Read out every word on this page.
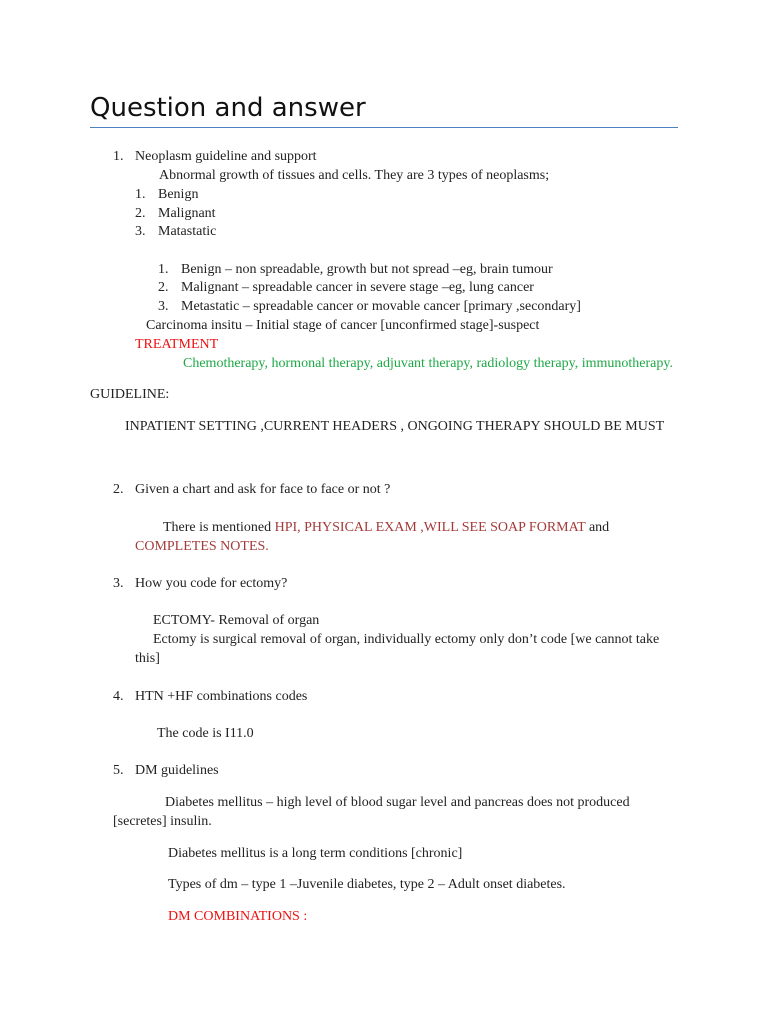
Question and answer
1. Neoplasm guideline and support
Abnormal growth of tissues and cells. They are 3 types of neoplasms;
1. Benign
2. Malignant
3. Matastatic
1. Benign – non spreadable, growth but not spread –eg, brain tumour
2. Malignant – spreadable cancer in severe stage –eg, lung cancer
3. Metastatic – spreadable cancer or movable cancer [primary ,secondary]
Carcinoma insitu – Initial stage of cancer [unconfirmed stage]-suspect
TREATMENT
Chemotherapy, hormonal therapy, adjuvant therapy, radiology therapy, immunotherapy.
GUIDELINE:
INPATIENT SETTING ,CURRENT HEADERS , ONGOING THERAPY SHOULD BE MUST
2. Given a chart and ask for face to face or not ?
There is mentioned HPI, PHYSICAL EXAM ,WILL SEE SOAP FORMAT and
COMPLETES NOTES.
3. How you code for ectomy?
ECTOMY- Removal of organ
Ectomy is surgical removal of organ, individually ectomy only don’t code [we cannot take
this]
4. HTN +HF combinations codes
The code is I11.0
5. DM guidelines
Diabetes mellitus – high level of blood sugar level and pancreas does not produced
[secretes] insulin.
Diabetes mellitus is a long term conditions [chronic]
Types of dm – type 1 –Juvenile diabetes, type 2 – Adult onset diabetes.
DM COMBINATIONS :
